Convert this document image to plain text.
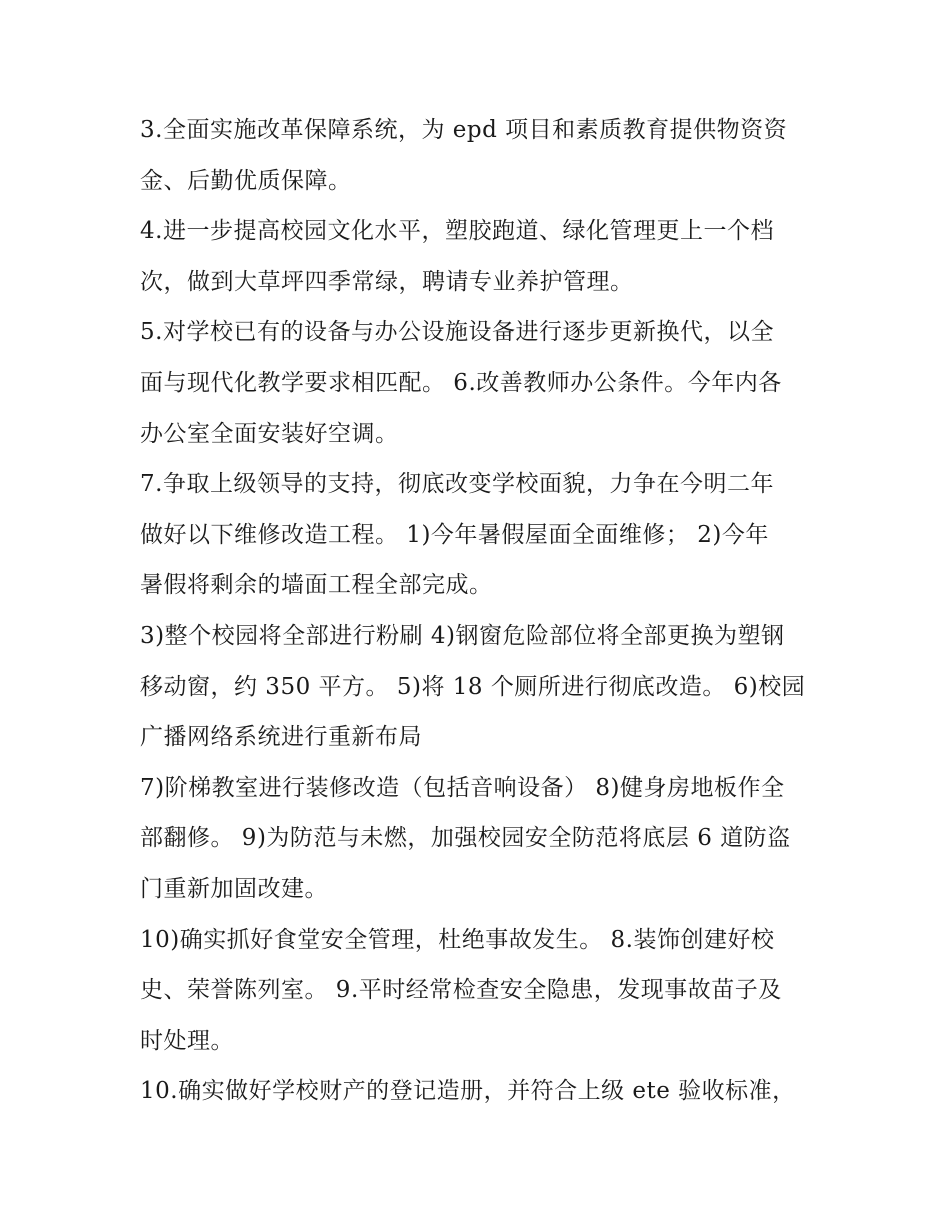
3.全面实施改革保障系统，为 epd 项目和素质教育提供物资资
金、后勤优质保障。
4.进一步提高校园文化水平，塑胶跑道、绿化管理更上一个档
次，做到大草坪四季常绿，聘请专业养护管理。
5.对学校已有的设备与办公设施设备进行逐步更新换代，以全
面与现代化教学要求相匹配。 6.改善教师办公条件。今年内各
办公室全面安装好空调。
7.争取上级领导的支持，彻底改变学校面貌，力争在今明二年
做好以下维修改造工程。 1)今年暑假屋面全面维修； 2)今年
暑假将剩余的墙面工程全部完成。
3)整个校园将全部进行粉刷 4)钢窗危险部位将全部更换为塑钢
移动窗，约 350 平方。 5)将 18 个厕所进行彻底改造。 6)校园
广播网络系统进行重新布局
7)阶梯教室进行装修改造（包括音响设备） 8)健身房地板作全
部翻修。 9)为防范与未燃，加强校园安全防范将底层 6 道防盗
门重新加固改建。
10)确实抓好食堂安全管理，杜绝事故发生。 8.装饰创建好校
史、荣誉陈列室。 9.平时经常检查安全隐患，发现事故苗子及
时处理。
10.确实做好学校财产的登记造册，并符合上级 ete 验收标准，
